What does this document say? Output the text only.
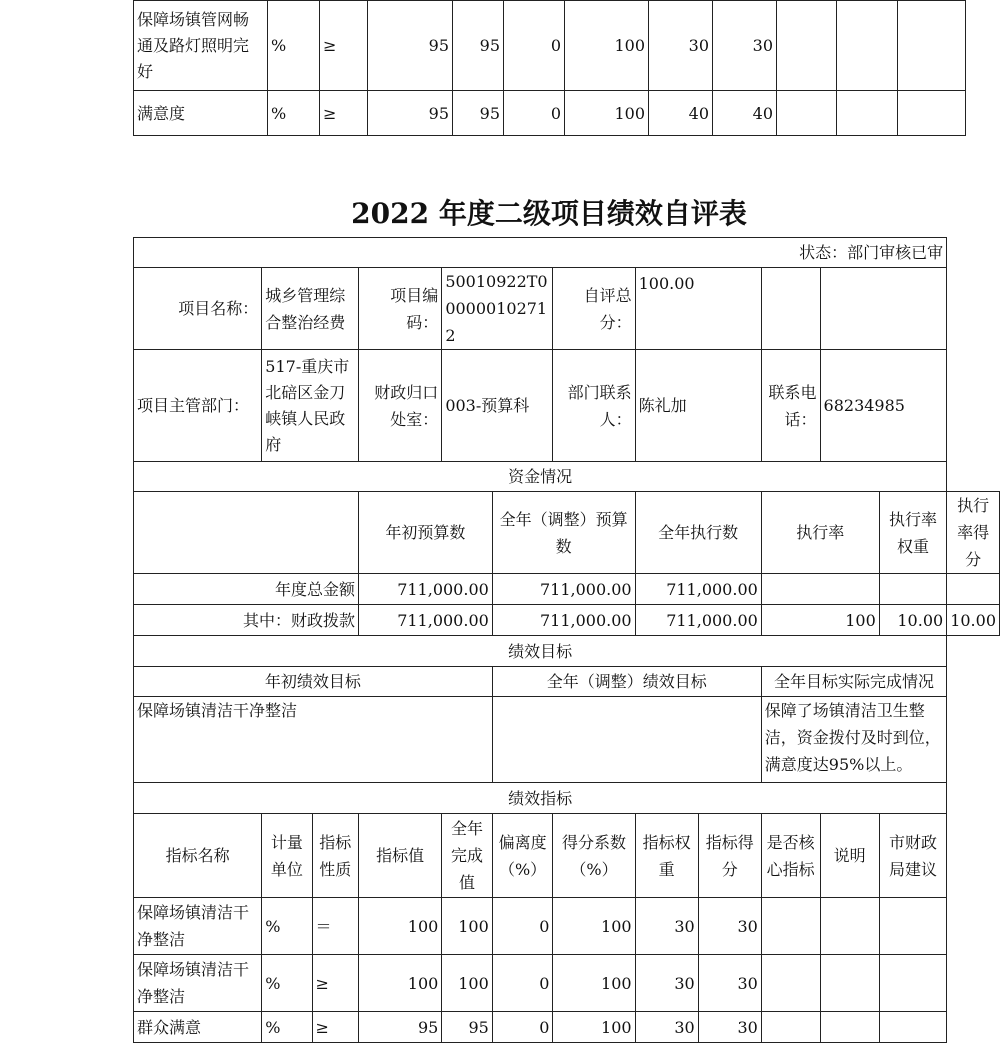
保障场镇管网畅通及路灯照明完好	%	≥	95	95	0	100	30	30			
满意度	%	≥	95	95	0	100	40	40			
2022 年度二级项目绩效自评表
状态：部门审核已审												
项目名称：	城乡管理综合整治经费		项目编码：	50010922T000000102712		自评总分：	100.00					
项目主管部门：	517-重庆市北碚区金刀峡镇人民政府		财政归口处室：	003-预算科		部门联系人：	陈礼加		联系电话：	68234985		
资金情况												
			年初预算数		全年（调整）预算数		全年执行数		执行率		执行率权重	执行率得分
年度总金额			711,000.00		711,000.00		711,000.00					
其中：财政拨款			711,000.00		711,000.00		711,000.00		100		10.00	10.00
绩效目标												
年初绩效目标					全年（调整）绩效目标				全年目标实际完成情况			
保障场镇清洁干净整洁									保障了场镇清洁卫生整洁，资金拨付及时到位，满意度达95%以上。			
绩效指标												
指标名称	计量单位	指标性质	指标值	全年完成值	偏离度（%）	得分系数（%）	指标权重	指标得分	是否核心指标	说明	市财政局建议	
保障场镇清洁干净整洁	%	＝	100	100	0	100	30	30				
保障场镇清洁干净整洁	%	≥	100	100	0	100	30	30				
群众满意	%	≥	95	95	0	100	30	30				
